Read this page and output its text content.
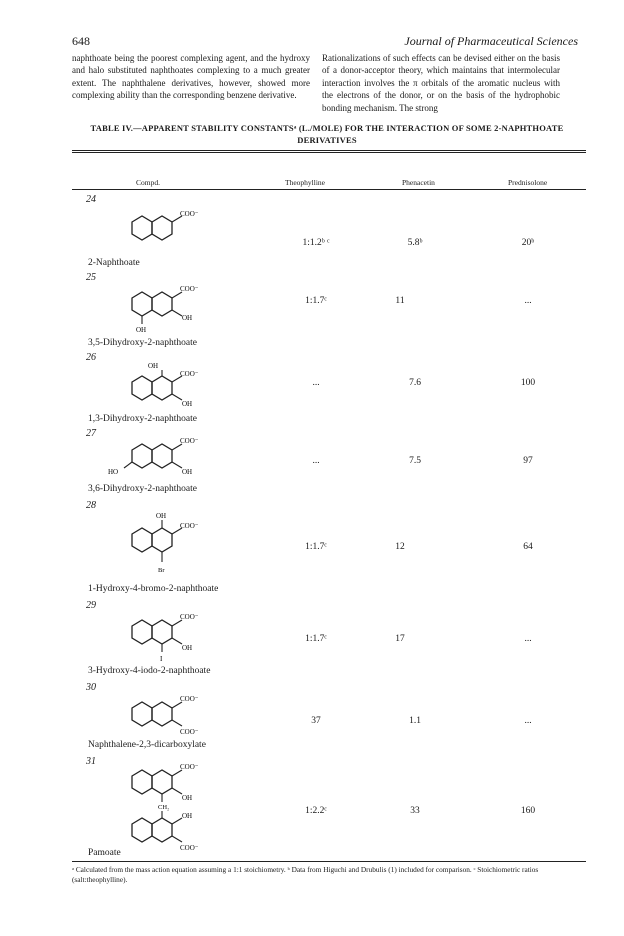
648	Journal of Pharmaceutical Sciences
naphthoate being the poorest complexing agent, and the hydroxy and halo substituted naphthoates complexing to a much greater extent. The naphthalene derivatives, however, showed more complexing ability than the corresponding benzene derivative.
Rationalizations of such effects can be devised either on the basis of a donor-acceptor theory, which maintains that intermolecular interaction involves the π orbitals of the aromatic nucleus with the electrons of the donor, or on the basis of the hydrophobic bonding mechanism. The strong
TABLE IV.—APPARENT STABILITY CONSTANTSᵃ (L./MOLE) FOR THE INTERACTION OF SOME 2-NAPHTHOATE DERIVATIVES
Compd.	Theophylline	Phenacetin	Prednisolone
24
COO⁻
1:1.2ᵇ ᶜ	5.8ᵇ	20ᵇ
2-Naphthoate
25
COO⁻
OH
OH
1:1.7ᶜ	11	...
3,5-Dihydroxy-2-naphthoate
26
OH
COO⁻
OH
...	7.6	100
1,3-Dihydroxy-2-naphthoate
27
COO⁻
OH
HO
...	7.5	97
3,6-Dihydroxy-2-naphthoate
28
OH
COO⁻
Br
1:1.7ᶜ	12	64
1-Hydroxy-4-bromo-2-naphthoate
29
COO⁻
OH
I
1:1.7ᶜ	17	...
3-Hydroxy-4-iodo-2-naphthoate
30
COO⁻
COO⁻
37	1.1	...
Naphthalene-2,3-dicarboxylate
31	COO⁻
OH
CH₂
OH
COO⁻
1:2.2ᶜ	33	160
Pamoate
ᵃ Calculated from the mass action equation assuming a 1:1 stoichiometry. ᵇ Data from Higuchi and Drubulis (1) included for comparison. ᶜ Stoichiometric ratios (salt:theophylline).
